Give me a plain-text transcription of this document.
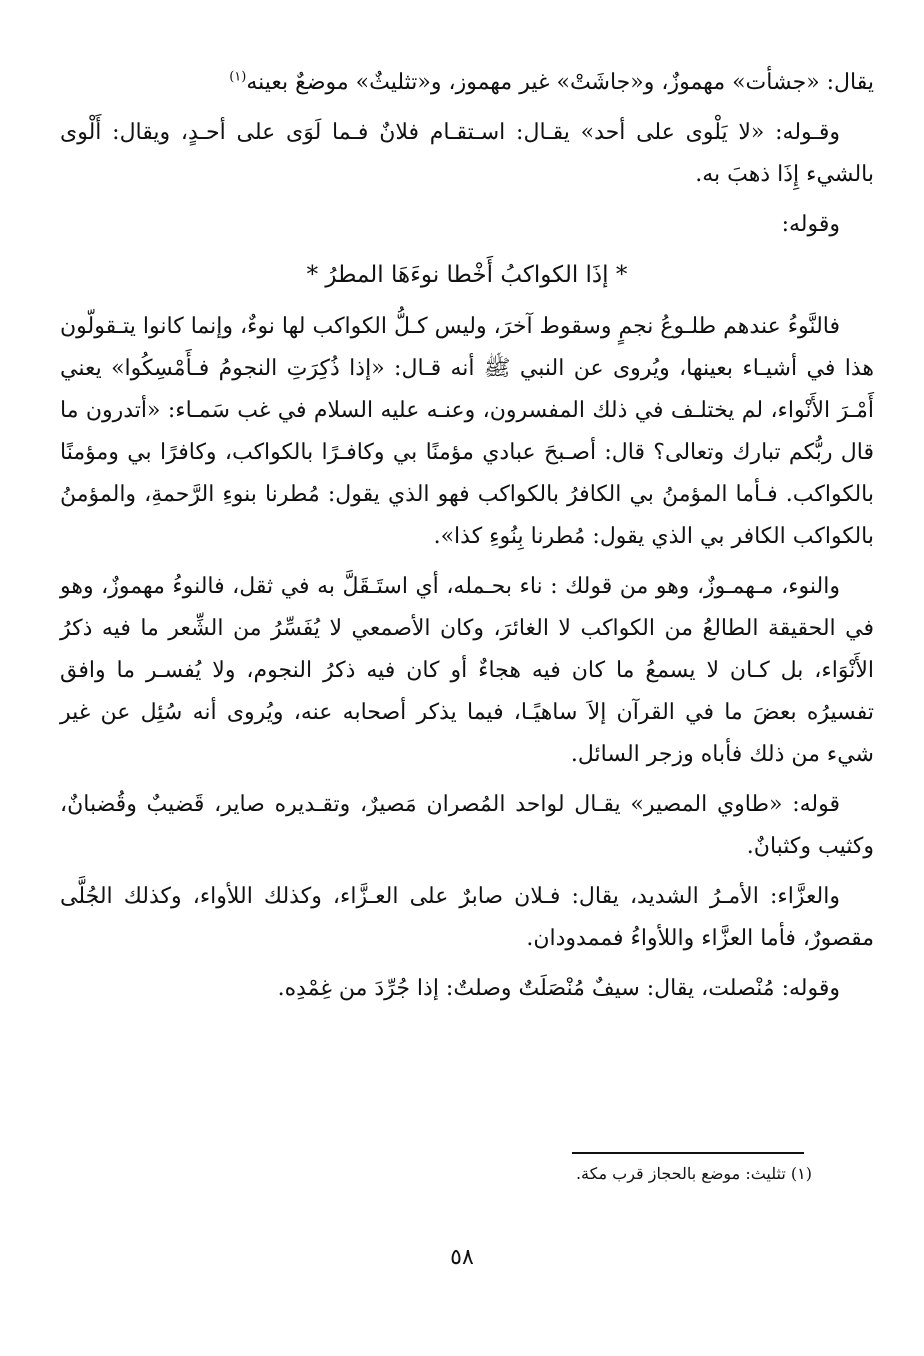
يقال: «جشأت» مهموزٌ، و«جاشَتْ» غير مهموز، و«تثليثٌ» موضعٌ بعينه$^{(١)}$

وقـوله: «لا يَلْوى على أحد» يقـال: اسـتقـام فلانٌ فـما لَوَى على أحـدٍ، ويقال: أَلْوى بالشيء إِذَا ذهبَ به.

وقوله:

* إذَا الكواكبُ أَخْطا نوءَهَا المطرُ *

فالنَّوءُ عندهم طلـوعُ نجمٍ وسقوط آخرَ، وليس كـلُّ الكواكب لها نوءٌ، وإنما كانوا يتـقولّون هذا في أشيـاء بعينها، ويُروى عن النبي ﷺ أنه قـال: «إذا ذُكِرَتِ النجومُ فـأَمْسِكُوا» يعني أَمْـرَ الأَنْواء، لم يختلـف في ذلك المفسرون، وعنـه عليه السلام في غب سَمـاء: «أتدرون ما قال ربُّكم تبارك وتعالى؟ قال: أصـبحَ عبادي مؤمنًا بي وكافـرًا بالكواكب، وكافرًا بي ومؤمنًا بالكواكب. فـأما المؤمنُ بي الكافرُ بالكواكب فهو الذي يقول: مُطرنا بنوءِ الرَّحمةِ، والمؤمنُ بالكواكب الكافر بي الذي يقول: مُطرنا بِنُوءِ كذا».

والنوء، مـهمـوزٌ، وهو من قولك : ناء بحـمله، أي استَـقَلَّ به في ثقل، فالنوءُ مهموزٌ، وهو في الحقيقة الطالعُ من الكواكب لا الغائرَ، وكان الأصمعي لا يُفَسِّرُ من الشِّعر ما فيه ذكرُ الأَنْوَاء، بل كـان لا يسمعُ ما كان فيه هجاءٌ أو كان فيه ذكرُ النجوم، ولا يُفسـر ما وافق تفسيرُه بعضَ ما في القرآن إلاَ ساهيًـا، فيما يذكر أصحابه عنه، ويُروى أنه سُئِل عن غير شيء من ذلك فأباه وزجر السائل.

قوله: «طاوي المصير» يقـال لواحد المُصران مَصيرٌ، وتقـديره صاير، قَضيبٌ وقُضبانٌ، وكثيب وكثبانٌ.

والعزَّاء: الأمـرُ الشديد، يقال: فـلان صابرٌ على العـزَّاء، وكذلك اللأواء، وكذلك الجُلَّى مقصورٌ، فأما العزَّاء واللأواءُ فممدودان.

وقوله: مُنْصلت، يقال: سيفٌ مُنْصَلَتٌ وصلتٌ: إذا جُرِّدَ من غِمْدِه.

(١) تثليث: موضع بالحجاز قرب مكة.
٥٨
